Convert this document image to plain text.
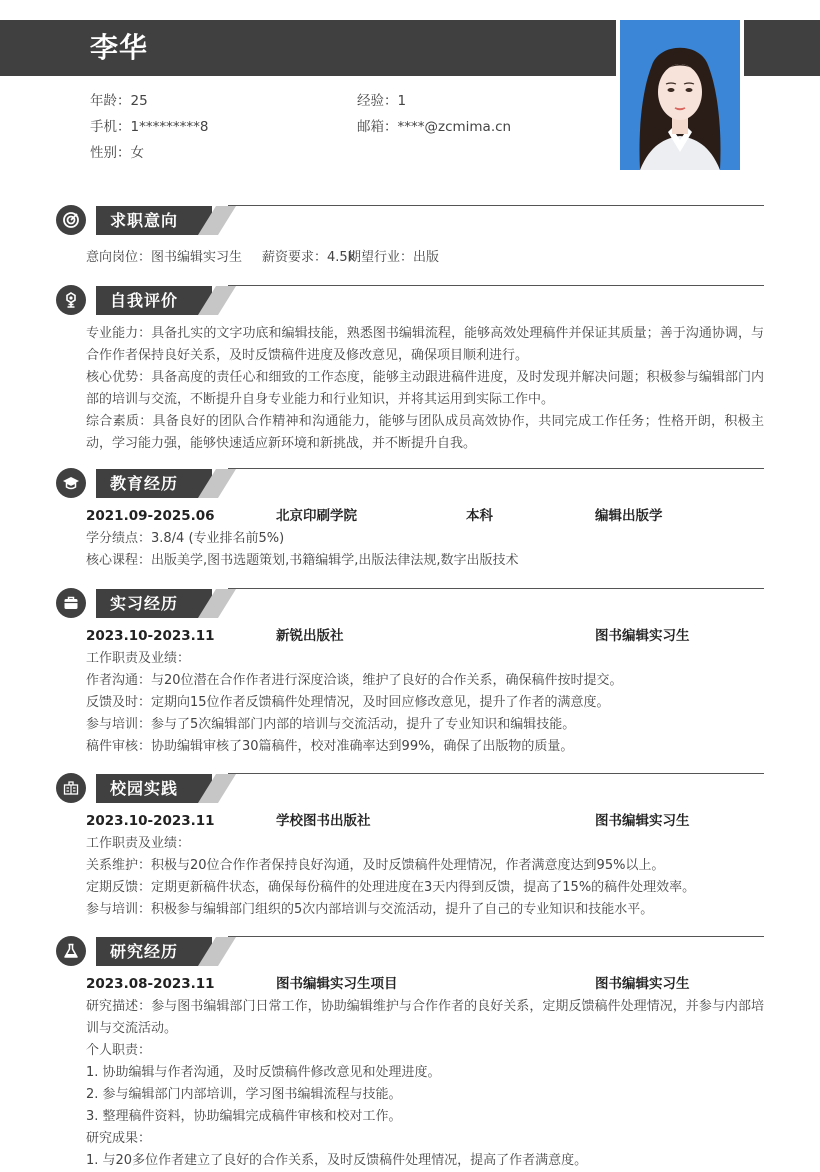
李华
年龄：25	经验：1
手机：1*********8	邮箱：****@zcmima.cn
性别：女
求职意向
意向岗位：图书编辑实习生 薪资要求：4.5k
期望行业：出版
自我评价
专业能力：具备扎实的文字功底和编辑技能，熟悉图书编辑流程，能够高效处理稿件并保证其质量；善于沟通协调，与合作作者保持良好关系，及时反馈稿件进度及修改意见，确保项目顺利进行。
核心优势：具备高度的责任心和细致的工作态度，能够主动跟进稿件进度，及时发现并解决问题；积极参与编辑部门内部的培训与交流，不断提升自身专业能力和行业知识，并将其运用到实际工作中。
综合素质：具备良好的团队合作精神和沟通能力，能够与团队成员高效协作，共同完成工作任务；性格开朗，积极主动，学习能力强，能够快速适应新环境和新挑战，并不断提升自我。
教育经历
2021.09-2025.06	北京印刷学院	本科	编辑出版学
学分绩点：3.8/4 (专业排名前5%)
核心课程：出版美学,图书选题策划,书籍编辑学,出版法律法规,数字出版技术
实习经历
2023.10-2023.11	新锐出版社	图书编辑实习生
工作职责及业绩：
作者沟通：与20位潜在合作作者进行深度洽谈，维护了良好的合作关系，确保稿件按时提交。
反馈及时：定期向15位作者反馈稿件处理情况，及时回应修改意见，提升了作者的满意度。
参与培训：参与了5次编辑部门内部的培训与交流活动，提升了专业知识和编辑技能。
稿件审核：协助编辑审核了30篇稿件，校对准确率达到99%，确保了出版物的质量。
校园实践
2023.10-2023.11	学校图书出版社	图书编辑实习生
工作职责及业绩：
关系维护：积极与20位合作作者保持良好沟通，及时反馈稿件处理情况，作者满意度达到95%以上。
定期反馈：定期更新稿件状态，确保每份稿件的处理进度在3天内得到反馈，提高了15%的稿件处理效率。
参与培训：积极参与编辑部门组织的5次内部培训与交流活动，提升了自己的专业知识和技能水平。
研究经历
2023.08-2023.11	图书编辑实习生项目	图书编辑实习生
研究描述：参与图书编辑部门日常工作，协助编辑维护与合作作者的良好关系，定期反馈稿件处理情况，并参与内部培训与交流活动。
个人职责：
1. 协助编辑与作者沟通，及时反馈稿件修改意见和处理进度。
2. 参与编辑部门内部培训，学习图书编辑流程与技能。
3. 整理稿件资料，协助编辑完成稿件审核和校对工作。
研究成果：
1. 与20多位作者建立了良好的合作关系，及时反馈稿件处理情况，提高了作者满意度。
